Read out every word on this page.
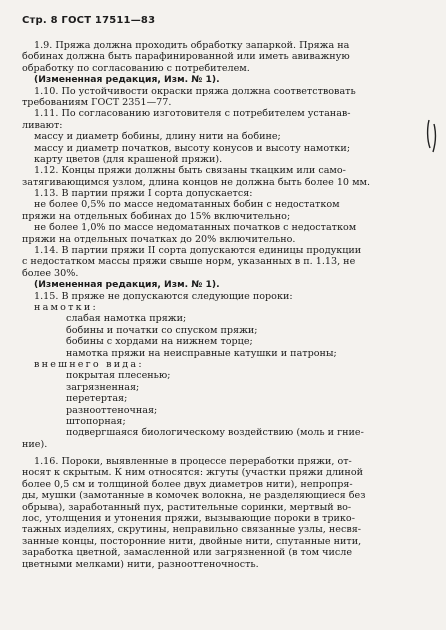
Стр. 8 ГОСТ 17511—83
1.9. Пряжа должна проходить обработку запаркой. Пряжа на
бобинах должна быть парафинированной или иметь авиважную
обработку по согласованию с потребителем.
(Измененная редакция, Изм. № 1).
1.10. По устойчивости окраски пряжа должна соответствовать
требованиям ГОСТ 2351—77.
1.11. По согласованию изготовителя с потребителем устанав-
ливают:
массу и диаметр бобины, длину нити на бобине;
массу и диаметр початков, высоту конусов и высоту намотки;
карту цветов (для крашеной пряжи).
1.12. Концы пряжи должны быть связаны ткацким или само-
затягивающимся узлом, длина концов не должна быть более 10 мм.
1.13. В партии пряжи I сорта допускается:
не более 0,5% по массе недоматанных бобин с недостатком
пряжи на отдельных бобинах до 15% включительно;
не более 1,0% по массе недоматанных початков с недостатком
пряжи на отдельных початках до 20% включительно.
1.14. В партии пряжи II сорта допускаются единицы продукции
с недостатком массы пряжи свыше норм, указанных в п. 1.13, не
более 30%.
(Измененная редакция, Изм. № 1).
1.15. В пряже не допускаются следующие пороки:
намотки:
слабая намотка пряжи;
бобины и початки со спуском пряжи;
бобины с хордами на нижнем торце;
намотка пряжи на неисправные катушки и патроны;
внешнего вида:
покрытая плесенью;
загрязненная;
перетертая;
разнооттеночная;
штопорная;
подвергшаяся биологическому воздействию (моль и гние-
ние).
1.16. Пороки, выявленные в процессе переработки пряжи, от-
носят к скрытым. К ним относятся: жгуты (участки пряжи длиной
более 0,5 см и толщиной более двух диаметров нити), непропря-
ды, мушки (замотанные в комочек волокна, не разделяющиеся без
обрыва), заработанный пух, растительные соринки, мертвый во-
лос, утолщения и утонения пряжи, вызывающие пороки в трико-
тажных изделиях, скрутины, неправильно связанные узлы, несвя-
занные концы, посторонние нити, двойные нити, спутанные нити,
заработка цветной, замасленной или загрязненной (в том числе
цветными мелками) нити, разнооттеночность.
